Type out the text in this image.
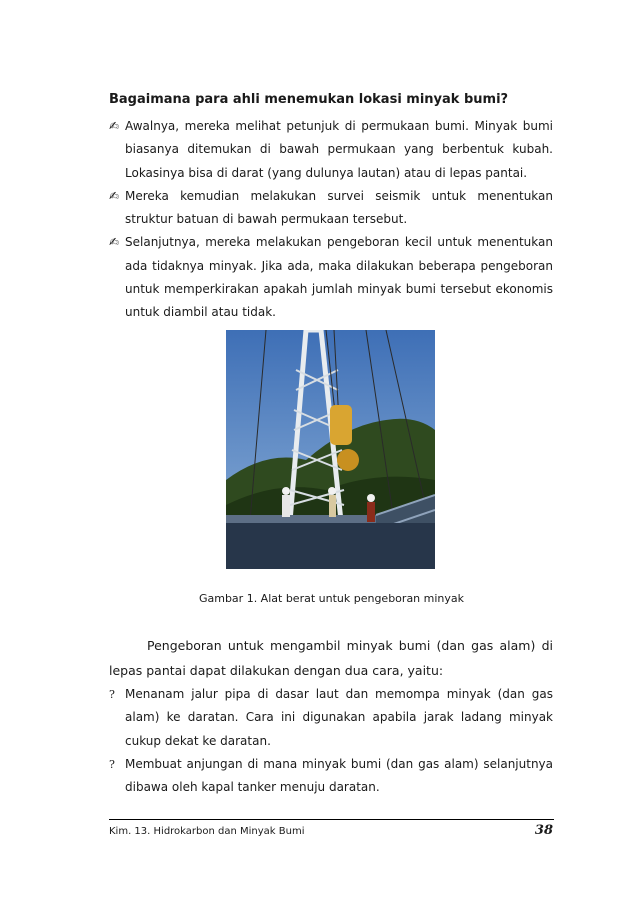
Bagaimana para ahli menemukan lokasi minyak bumi?
✍ Awalnya, mereka melihat petunjuk di permukaan bumi. Minyak bumi biasanya ditemukan di bawah permukaan yang berbentuk kubah. Lokasinya bisa di darat (yang dulunya lautan) atau di lepas pantai.
✍ Mereka kemudian melakukan survei seismik untuk menentukan struktur batuan di bawah permukaan tersebut.
✍ Selanjutnya, mereka melakukan pengeboran kecil untuk menentukan ada tidaknya minyak. Jika ada, maka dilakukan beberapa pengeboran untuk memperkirakan apakah jumlah minyak bumi tersebut ekonomis untuk diambil atau tidak.

Gambar 1. Alat berat untuk pengeboran minyak

Pengeboran untuk mengambil minyak bumi (dan gas alam) di lepas pantai dapat dilakukan dengan dua cara, yaitu:

? Menanam jalur pipa di dasar laut dan memompa minyak (dan gas alam) ke daratan. Cara ini digunakan apabila jarak ladang minyak cukup dekat ke daratan.
? Membuat anjungan di mana minyak bumi (dan gas alam) selanjutnya dibawa oleh kapal tanker menuju daratan.
Kim. 13. Hidrokarbon dan Minyak Bumi	38
